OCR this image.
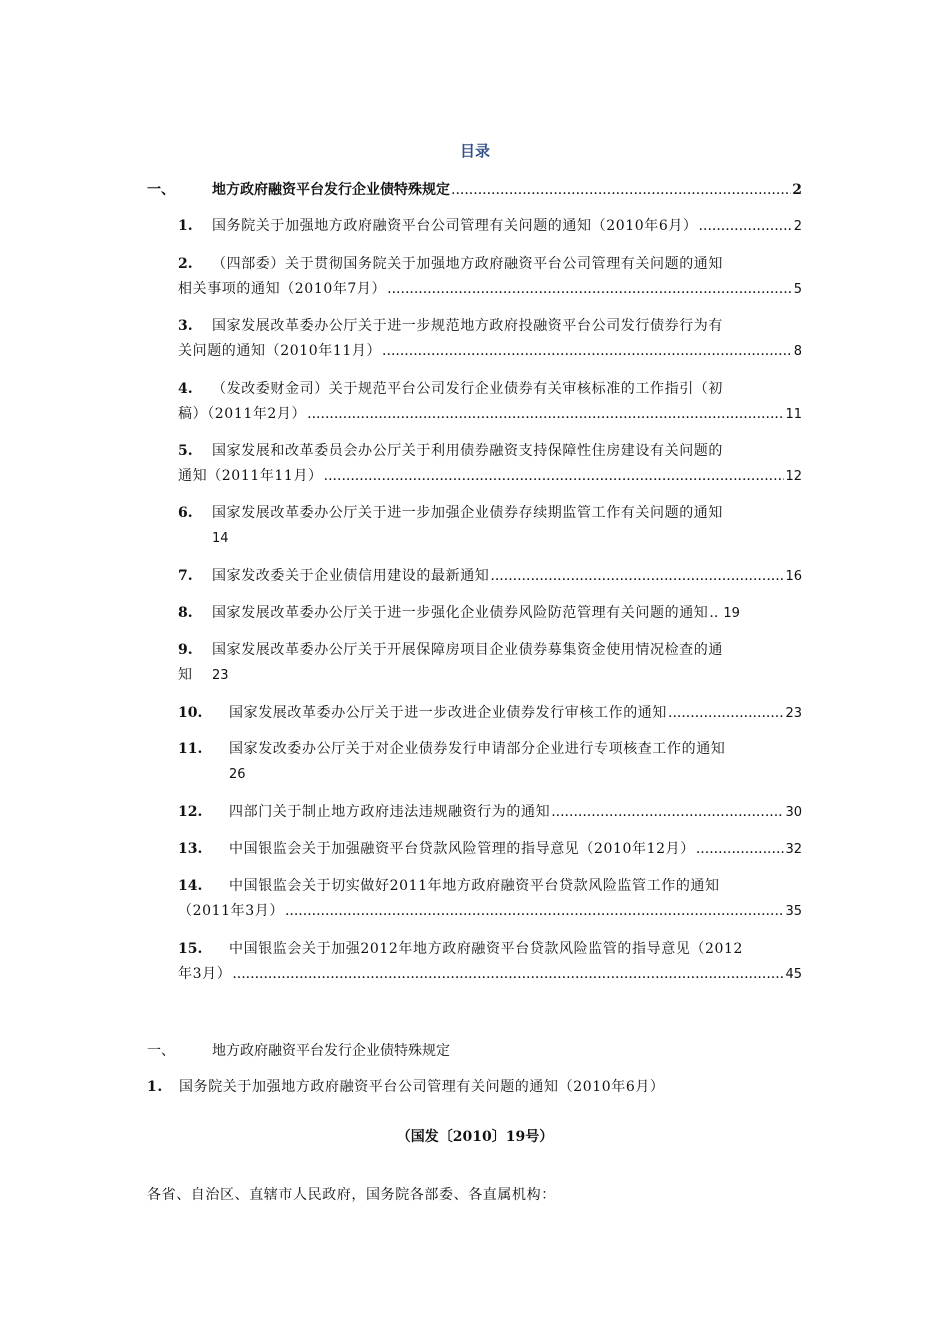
目录
一、	地方政府融资平台发行企业债特殊规定 .....	2
1.	国务院关于加强地方政府融资平台公司管理有关问题的通知（2010年6月） .....	2
2.	（四部委）关于贯彻国务院关于加强地方政府融资平台公司管理有关问题的通知
相关事项的通知（2010年7月） .....	5
3.	国家发展改革委办公厅关于进一步规范地方政府投融资平台公司发行债券行为有
关问题的通知（2010年11月） .....	8
4.	（发改委财金司）关于规范平台公司发行企业债券有关审核标准的工作指引（初
稿）（2011年2月） .....	11
5.	国家发展和改革委员会办公厅关于利用债券融资支持保障性住房建设有关问题的
通知（2011年11月） .....	12
6.	国家发展改革委办公厅关于进一步加强企业债券存续期监管工作有关问题的通知
14
7.	国家发改委关于企业债信用建设的最新通知 .....	16
8.	国家发展改革委办公厅关于进一步强化企业债券风险防范管理有关问题的通知 ..... 19
9.	国家发展改革委办公厅关于开展保障房项目企业债券募集资金使用情况检查的通
知	23
10.	国家发展改革委办公厅关于进一步改进企业债券发行审核工作的通知 .....	23
11.	国家发改委办公厅关于对企业债券发行申请部分企业进行专项核查工作的通知
26
12.	四部门关于制止地方政府违法违规融资行为的通知 .....	30
13.	中国银监会关于加强融资平台贷款风险管理的指导意见（2010年12月） .....	32
14.	中国银监会关于切实做好2011年地方政府融资平台贷款风险监管工作的通知
（2011年3月） .....	35
15.	中国银监会关于加强2012年地方政府融资平台贷款风险监管的指导意见（2012
年3月） .....	45
一、	地方政府融资平台发行企业债特殊规定
1.	国务院关于加强地方政府融资平台公司管理有关问题的通知（2010年6月）
（国发〔2010〕19号）
各省、自治区、直辖市人民政府，国务院各部委、各直属机构：
